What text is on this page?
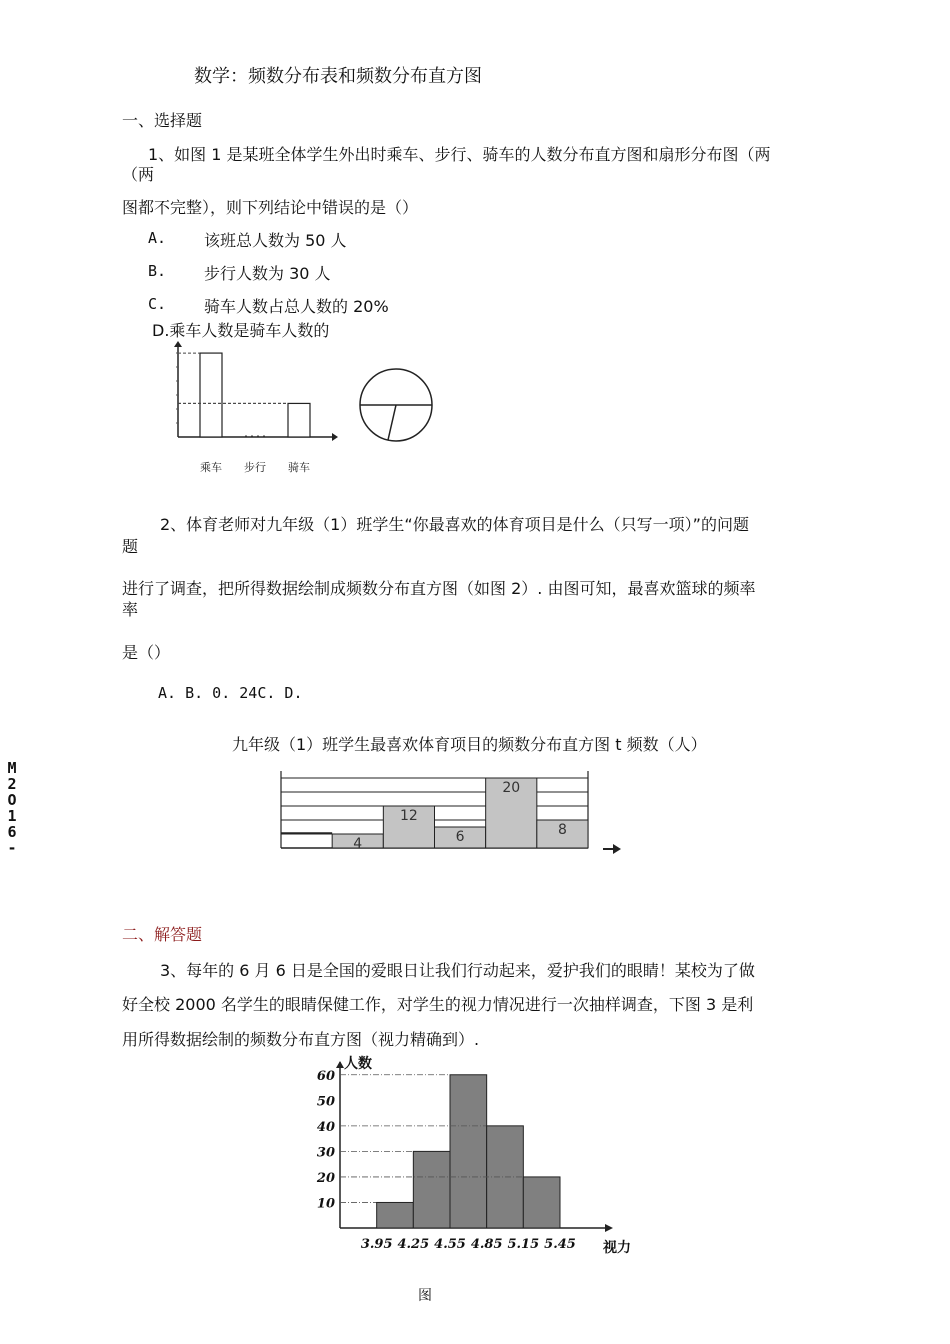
数学：频数分布表和频数分布直方图
一、选择题
1、如图 1 是某班全体学生外出时乘车、步行、骑车的人数分布直方图和扇形分布图（两
（两
图都不完整），则下列结论中错误的是（）
A. 该班总人数为 50 人
B. 步行人数为 30 人
C. 骑车人数占总人数的 20%
D.乘车人数是骑车人数的
乘车 步行 骑车
2、体育老师对九年级（1）班学生“你最喜欢的体育项目是什么（只写一项）”的问题
题
进行了调查，把所得数据绘制成频数分布直方图（如图 2）. 由图可知，最喜欢篮球的频率
率
是（）
A. B. 0. 24C. D.
九年级（1）班学生最喜欢体育项目的频数分布直方图 t 频数（人）
4
12
6
20
8
M2O16-
二、解答题
3、每年的 6 月 6 日是全国的爱眼日让我们行动起来，爱护我们的眼睛！某校为了做
好全校 2000 名学生的眼睛保健工作，对学生的视力情况进行一次抽样调查，下图 3 是利
用所得数据绘制的频数分布直方图（视力精确到）.
10
20
30
40
50
60
3.95 4.25 4.55 4.85 5.15 5.45
人数
视力
图
